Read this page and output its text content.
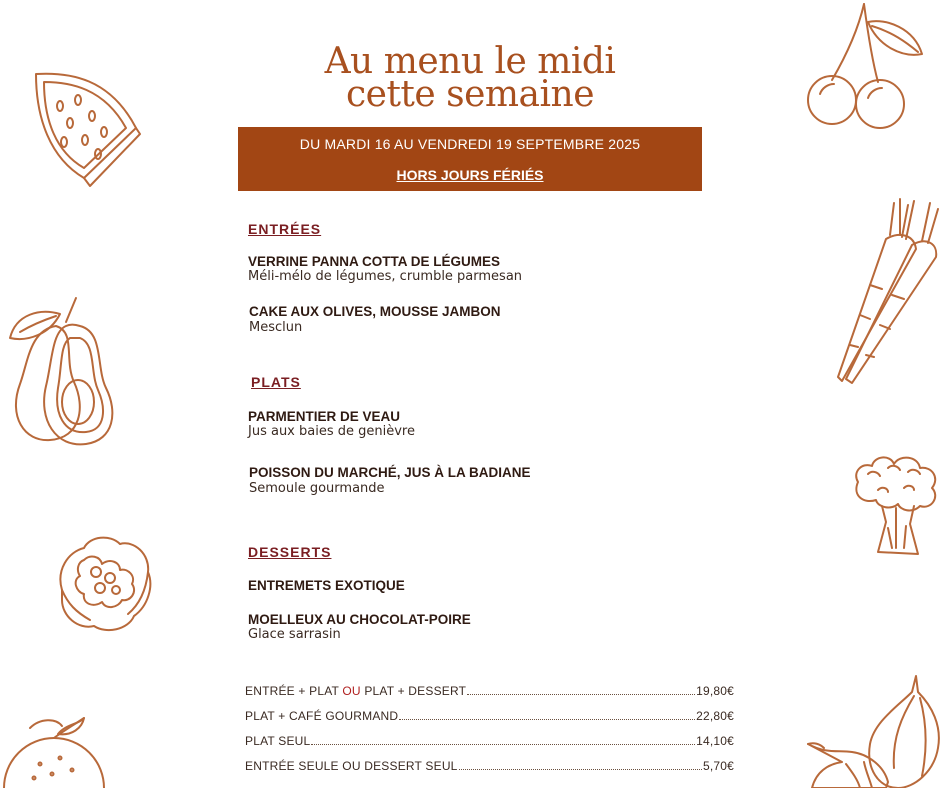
Au menu le midi
cette semaine
DU MARDI 16 AU VENDREDI 19 SEPTEMBRE 2025
HORS JOURS FÉRIÉS
ENTRÉES
VERRINE PANNA COTTA DE LÉGUMES
Méli-mélo de légumes, crumble parmesan
CAKE AUX OLIVES, MOUSSE JAMBON
Mesclun
PLATS
PARMENTIER DE VEAU
Jus aux baies de genièvre
POISSON DU MARCHÉ, JUS À LA BADIANE
Semoule gourmande
DESSERTS
ENTREMETS EXOTIQUE
MOELLEUX AU CHOCOLAT-POIRE
Glace sarrasin
ENTRÉE + PLAT OU PLAT + DESSERT	19,80€
PLAT + CAFÉ GOURMAND	22,80€
PLAT SEUL	14,10€
ENTRÉE SEULE OU DESSERT SEUL	5,70€
